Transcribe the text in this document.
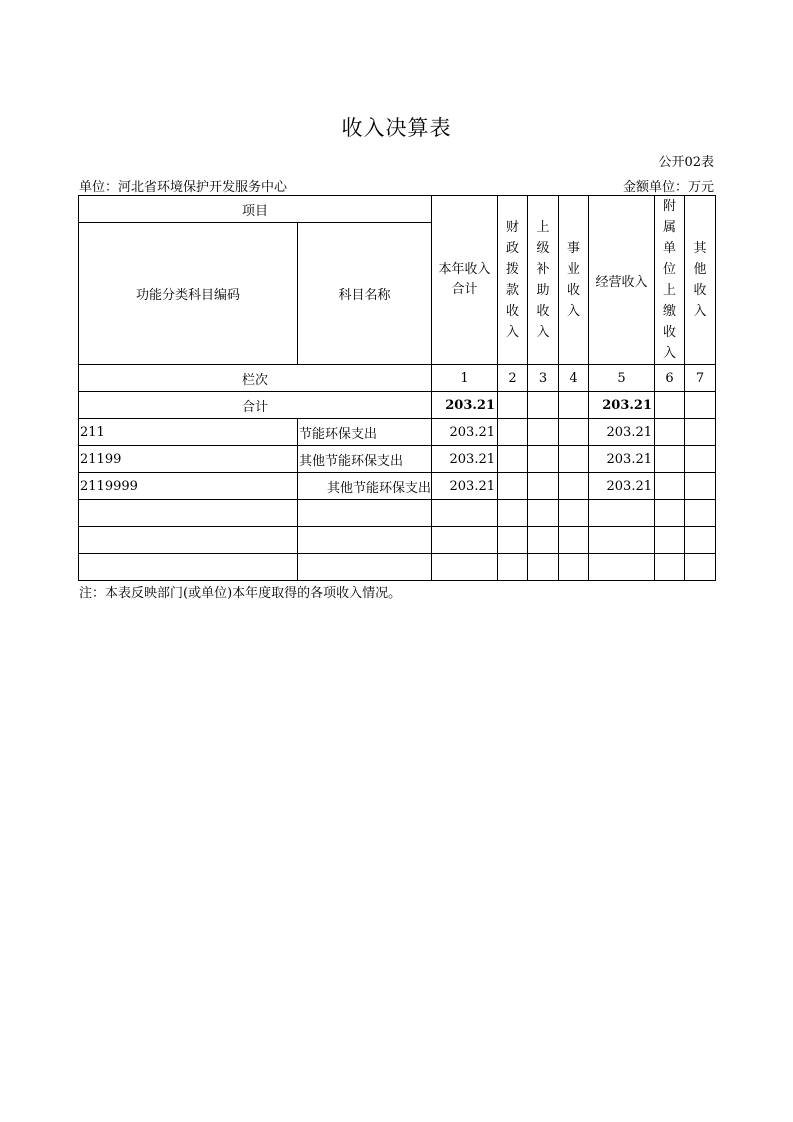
收入决算表
公开02表
单位：河北省环境保护开发服务中心	金额单位：万元
项目		本年收入合计	财政拨款收入	上级补助收入	事业收入	经营收入	附属单位上缴收入	其他收入

功能分类科目编码	科目名称							
栏次		1	2	3	4	5	6	7
合计		203.21				203.21		
211	节能环保支出	203.21				203.21		
21199	其他节能环保支出	203.21				203.21		
2119999	其他节能环保支出	203.21				203.21		

注：本表反映部门(或单位)本年度取得的各项收入情况。
